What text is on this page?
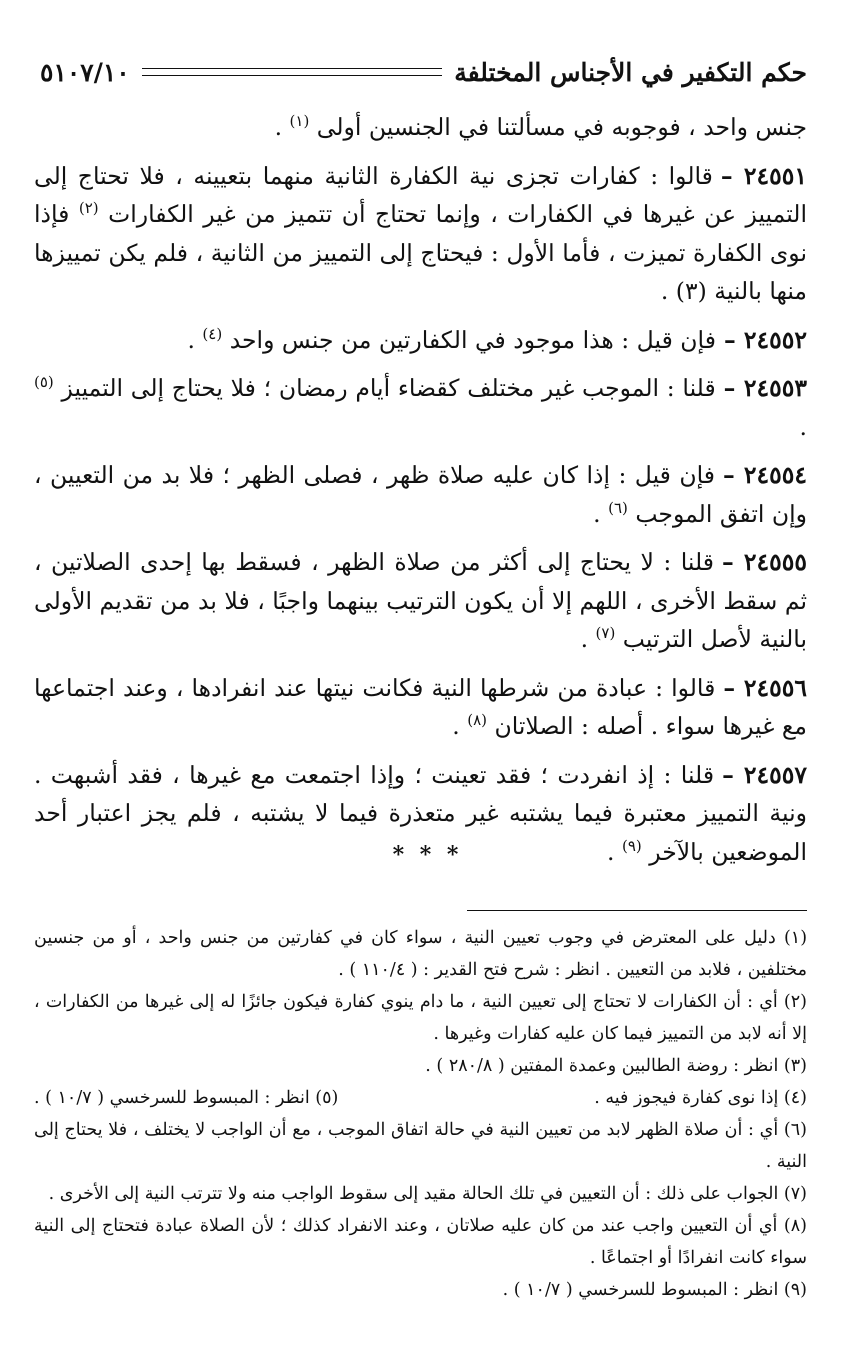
حكم التكفير في الأجناس المختلفة
٥١٠٧/١٠

جنس واحد ، فوجوبه في مسألتنا في الجنسين أولى $^{(١)}$ .

٢٤٥٥١ –قالوا : كفارات تجزى نية الكفارة الثانية منهما بتعيينه ، فلا تحتاج إلى التمييز عن غيرها في الكفارات ، وإنما تحتاج أن تتميز من غير الكفارات $^{(٢)}$ فإذا نوى الكفارة تميزت ، فأما الأول : فيحتاج إلى التمييز من الثانية ، فلم يكن تمييزها منها بالنية (٣) .

٢٤٥٥٢ –فإن قيل : هذا موجود في الكفارتين من جنس واحد $^{(٤)}$ .

٢٤٥٥٣ –قلنا : الموجب غير مختلف كقضاء أيام رمضان ؛ فلا يحتاج إلى التمييز $^{(٥)}$ .

٢٤٥٥٤ –فإن قيل : إذا كان عليه صلاة ظهر ، فصلى الظهر ؛ فلا بد من التعيين ، وإن اتفق الموجب $^{(٦)}$ .

٢٤٥٥٥ –قلنا : لا يحتاج إلى أكثر من صلاة الظهر ، فسقط بها إحدى الصلاتين ، ثم سقط الأخرى ، اللهم إلا أن يكون الترتيب بينهما واجبًا ، فلا بد من تقديم الأولى بالنية لأصل الترتيب $^{(٧)}$ .

٢٤٥٥٦ –قالوا : عبادة من شرطها النية فكانت نيتها عند انفرادها ، وعند اجتماعها مع غيرها سواء . أصله : الصلاتان $^{(٨)}$ .

٢٤٥٥٧ –قلنا : إذ انفردت ؛ فقد تعينت ؛ وإذا اجتمعت مع غيرها ، فقد أشبهت . ونية التمييز معتبرة فيما يشتبه غير متعذرة فيما لا يشتبه ، فلم يجز اعتبار أحد الموضعين بالآخر $^{(٩)}$ .

* * *

(١) دليل على المعترض في وجوب تعيين النية ، سواء كان في كفارتين من جنس واحد ، أو من جنسين مختلفين ، فلابد من التعيين . انظر : شرح فتح القدير : ( ١١٠/٤ ) .

(٢) أي : أن الكفارات لا تحتاج إلى تعيين النية ، ما دام ينوي كفارة فيكون جائزًا له إلى غيرها من الكفارات ، إلا أنه لابد من التمييز فيما كان عليه كفارات وغيرها .

(٣) انظر : روضة الطالبين وعمدة المفتين ( ٢٨٠/٨ ) .

(٤) إذا نوى كفارة فيجوز فيه .
(٥) انظر : المبسوط للسرخسي ( ١٠/٧ ) .

(٦) أي : أن صلاة الظهر لابد من تعيين النية في حالة اتفاق الموجب ، مع أن الواجب لا يختلف ، فلا يحتاج إلى النية .

(٧) الجواب على ذلك : أن التعيين في تلك الحالة مقيد إلى سقوط الواجب منه ولا تترتب النية إلى الأخرى .

(٨) أي أن التعيين واجب عند من كان عليه صلاتان ، وعند الانفراد كذلك ؛ لأن الصلاة عبادة فتحتاج إلى النية سواء كانت انفرادًا أو اجتماعًا .

(٩) انظر : المبسوط للسرخسي ( ١٠/٧ ) .
